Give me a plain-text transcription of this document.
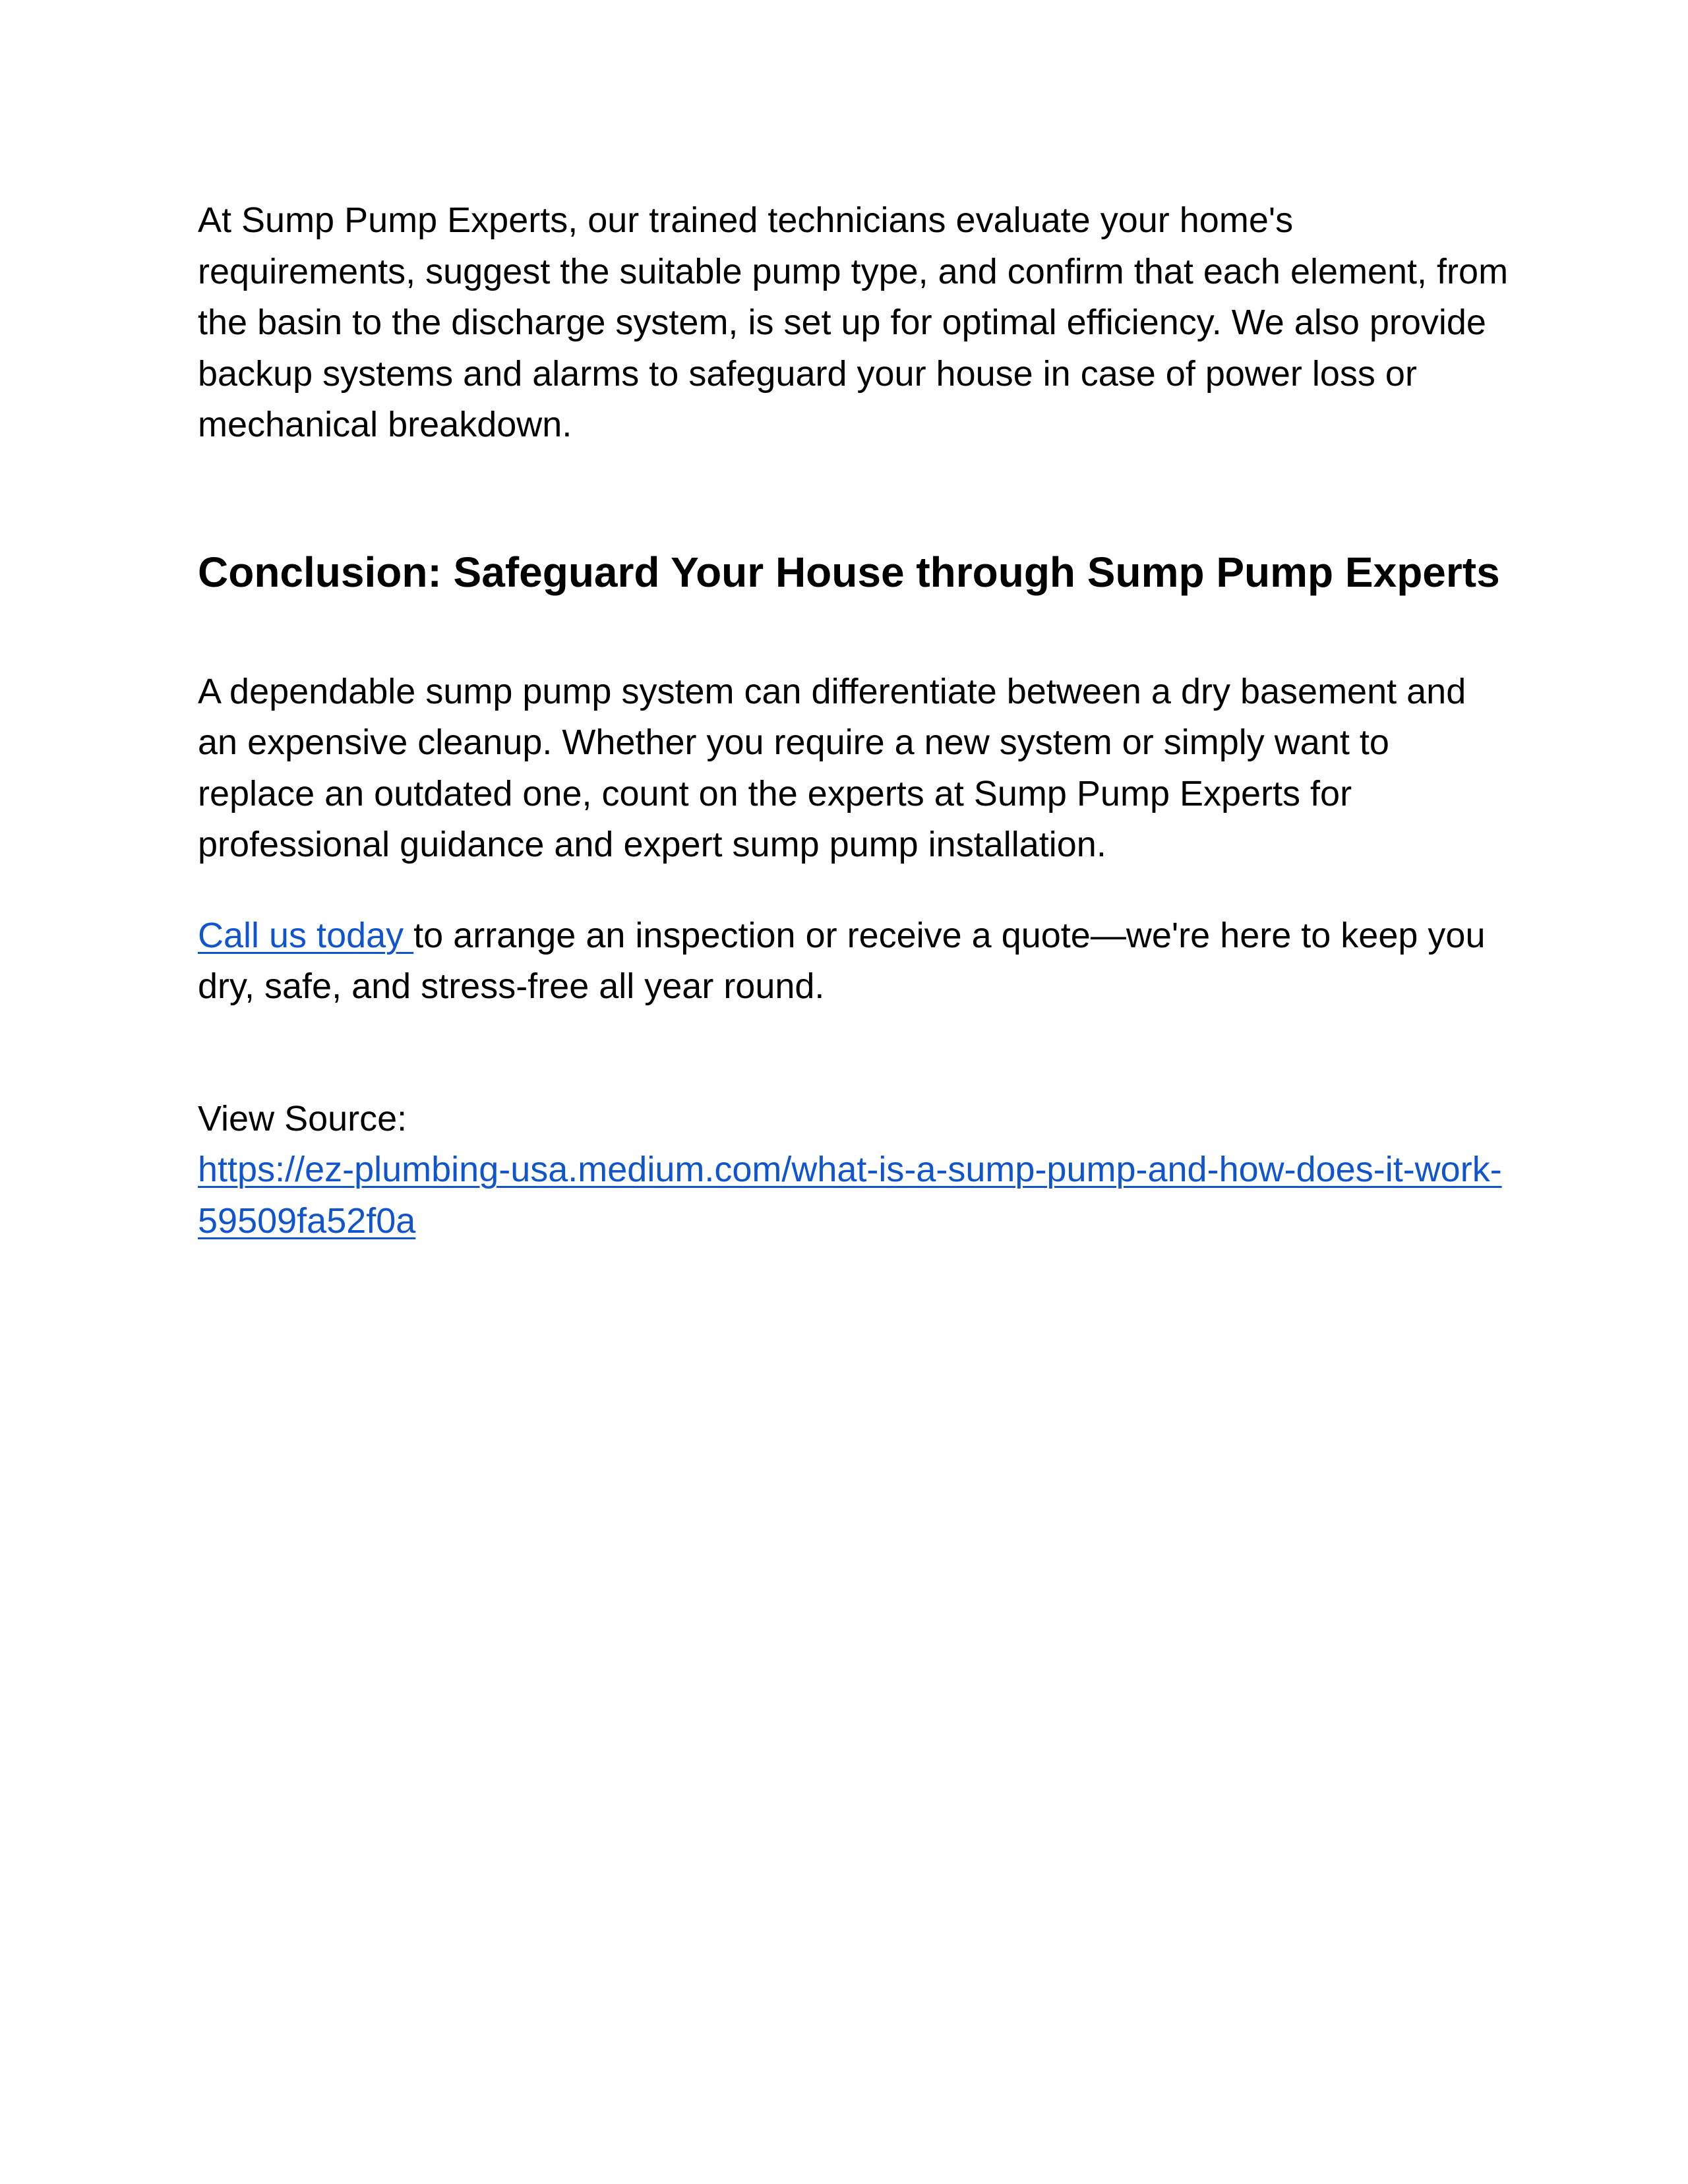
At Sump Pump Experts, our trained technicians evaluate your home's requirements, suggest the suitable pump type, and confirm that each element, from the basin to the discharge system, is set up for optimal efficiency. We also provide backup systems and alarms to safeguard your house in case of power loss or mechanical breakdown.

Conclusion: Safeguard Your House through Sump Pump Experts

A dependable sump pump system can differentiate between a dry basement and an expensive cleanup. Whether you require a new system or simply want to replace an outdated one, count on the experts at Sump Pump Experts for professional guidance and expert sump pump installation.

Call us today to arrange an inspection or receive a quote—we're here to keep you dry, safe, and stress-free all year round.

View Source:
https://ez-plumbing-usa.medium.com/what-is-a-sump-pump-and-how-does-it-work-59509fa52f0a
